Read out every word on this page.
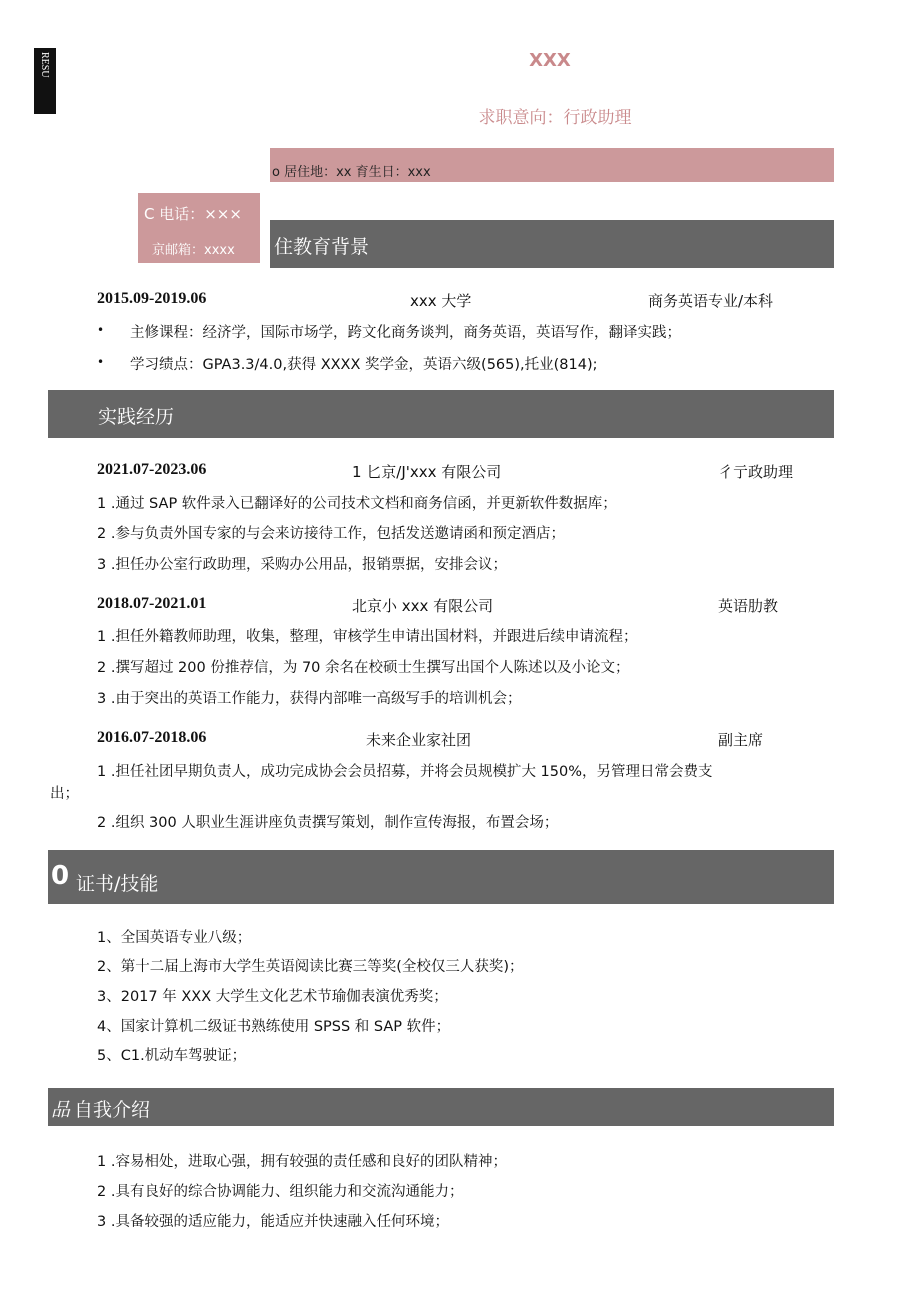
RESU	XXX
求职意向：行政助理
o 居住地：xx 育生日：xxx
C 电话：×××
京邮箱：xxxx 住教育背景
2015.09-2019.06	xxx 大学	商务英语专业/本科
• 主修课程：经济学，国际市场学，跨文化商务谈判，商务英语，英语写作，翻译实践；
• 学习绩点：GPA3.3/4.0,获得 XXXX 奖学金，英语六级(565),托业(814);
实践经历
2021.07-2023.06	1 匕京/J'xxx 有限公司	彳亍政助理
1 .通过 SAP 软件录入已翻译好的公司技术文档和商务信函，并更新软件数据库；
2 .参与负责外国专家的与会来访接待工作，包括发送邀请函和预定酒店；
3 .担任办公室行政助理，采购办公用品，报销票据，安排会议；
2018.07-2021.01	北京小 xxx 有限公司	英语肋教
1 .担任外籍教师助理，收集，整理，审核学生申请出国材料，并跟进后续申请流程；
2 .撰写超过 200 份推荐信，为 70 余名在校硕士生撰写出国个人陈述以及小论文；
3 .由于突出的英语工作能力，获得内部唯一高级写手的培训机会；
2016.07-2018.06	未来企业家社团	副主席
1 .担任社团早期负责人，成功完成协会会员招募，并将会员规模扩大 150%，另管理日常会费支
出；
2 .组织 300 人职业生涯讲座负责撰写策划，制作宣传海报，布置会场；
0 证书/技能
1、全国英语专业八级；
2、第十二届上海市大学生英语阅读比赛三等奖(全校仅三人获奖)；
3、2017 年 XXX 大学生文化艺术节瑜伽表演优秀奖；
4、国家计算机二级证书熟练使用 SPSS 和 SAP 软件；
5、C1.机动车驾驶证；
品 自我介绍
1 .容易相处，进取心强，拥有较强的责任感和良好的团队精神；
2 .具有良好的综合协调能力、组织能力和交流沟通能力；
3 .具备较强的适应能力，能适应并快速融入任何环境；
